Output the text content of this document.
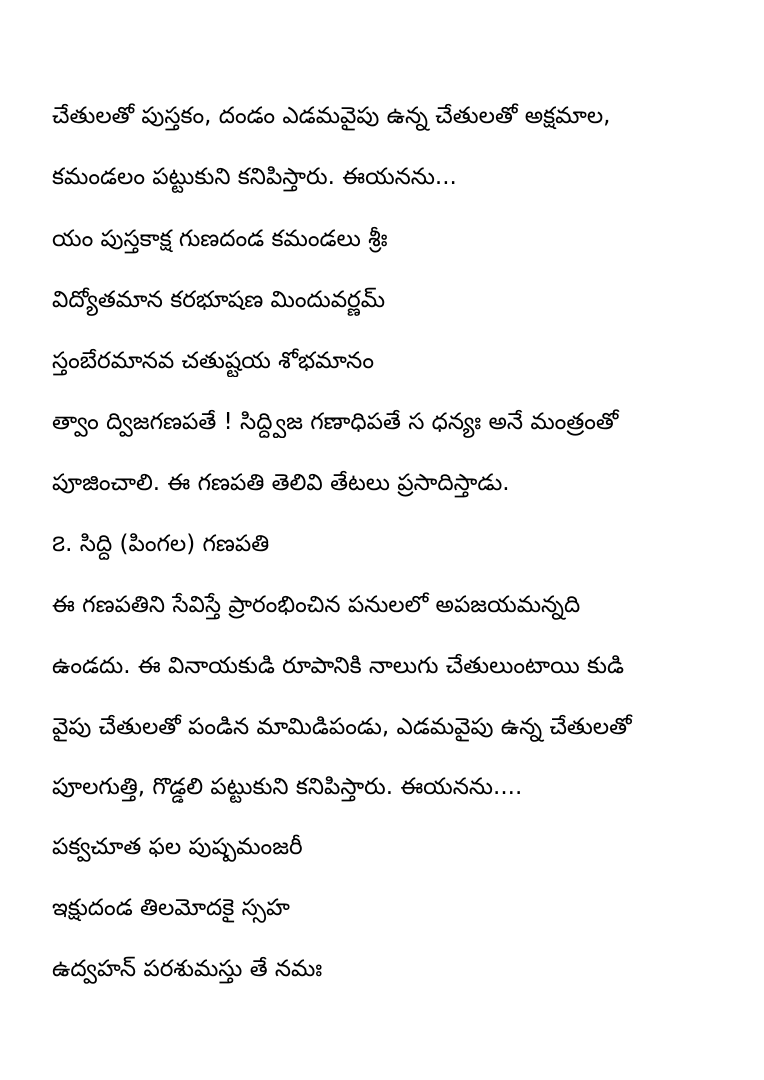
చేతులతో పుస్తకం, దండం ఎడమవైపు ఉన్న చేతులతో అక్షమాల,
కమండలం పట్టుకుని కనిపిస్తారు. ఈయనను...
యం పుస్తకాక్ష గుణదండ కమండలు శ్రీః
విద్యోతమాన కరభూషణ మిందువర్ణమ్
స్తంబేరమానవ చతుష్టయ శోభమానం
త్వాం ద్విజగణపతే ! సిద్ధ్విజ గణాధిపతే స ధన్యః అనే మంత్రంతో
పూజించాలి. ఈ గణపతి తెలివి తేటలు ప్రసాదిస్తాడు.
౭. సిద్ధి (పింగల) గణపతి
ఈ గణపతిని సేవిస్తే ప్రారంభించిన పనులలో అపజయమన్నది
ఉండదు. ఈ వినాయకుడి రూపానికి నాలుగు చేతులుంటాయి కుడి
వైపు చేతులతో పండిన మామిడిపండు, ఎడమవైపు ఉన్న చేతులతో
పూలగుత్తి, గొడ్డలి పట్టుకుని కనిపిస్తారు. ఈయనను....
పక్వచూత ఫల పుష్పమంజరీ
ఇక్షుదండ తిలమోదకై స్సహ
ఉద్వహన్ పరశుమస్తు తే నమః
